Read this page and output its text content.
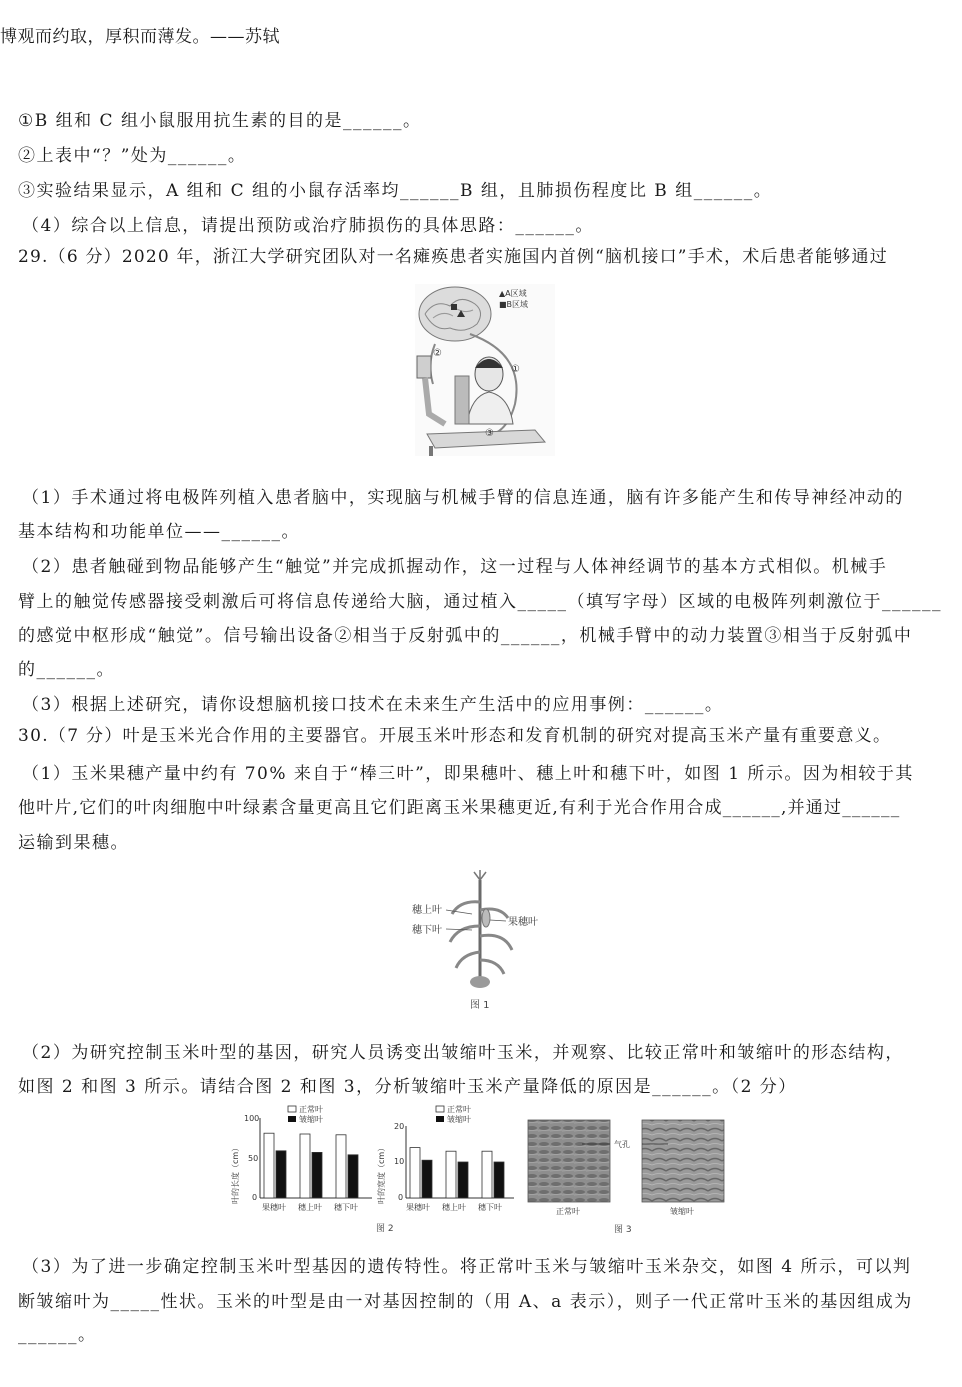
博观而约取，厚积而薄发。——苏轼
①B 组和 C 组小鼠服用抗生素的目的是______。
②上表中“？”处为______。
③实验结果显示，A 组和 C 组的小鼠存活率均______B 组，且肺损伤程度比 B 组______。
（4）综合以上信息，请提出预防或治疗肺损伤的具体思路：______。
29.（6 分）2020 年，浙江大学研究团队对一名瘫痪患者实施国内首例“脑机接口”手术，术后患者能够通过
▲A区域
■B区域
①
②
③
（1）手术通过将电极阵列植入患者脑中，实现脑与机械手臂的信息连通，脑有许多能产生和传导神经冲动的
基本结构和功能单位——______。
（2）患者触碰到物品能够产生“触觉”并完成抓握动作，这一过程与人体神经调节的基本方式相似。机械手
臂上的触觉传感器接受刺激后可将信息传递给大脑，通过植入_____（填写字母）区域的电极阵列刺激位于______
的感觉中枢形成“触觉”。信号输出设备②相当于反射弧中的______，机械手臂中的动力装置③相当于反射弧中
的______。
（3）根据上述研究，请你设想脑机接口技术在未来生产生活中的应用事例：______。
30.（7 分）叶是玉米光合作用的主要器官。开展玉米叶形态和发育机制的研究对提高玉米产量有重要意义。
（1）玉米果穗产量中约有 70% 来自于“棒三叶”，即果穗叶、穗上叶和穗下叶，如图 1 所示。因为相较于其
他叶片,它们的叶肉细胞中叶绿素含量更高且它们距离玉米果穗更近,有利于光合作用合成______,并通过______
运输到果穗。
穗上叶
穗下叶
果穗叶
图 1
（2）为研究控制玉米叶型的基因，研究人员诱变出皱缩叶玉米，并观察、比较正常叶和皱缩叶的形态结构，
如图 2 和图 3 所示。请结合图 2 和图 3，分析皱缩叶玉米产量降低的原因是______。（2 分）
叶的长度（cm）
100
50
0
果穗叶 穗上叶 穗下叶
正常叶
皱缩叶
叶的宽度（cm）
20
10
0
果穗叶 穗上叶 穗下叶
正常叶
皱缩叶
图 2
气孔
正常叶	皱缩叶
图 3
（3）为了进一步确定控制玉米叶型基因的遗传特性。将正常叶玉米与皱缩叶玉米杂交，如图 4 所示，可以判
断皱缩叶为_____性状。玉米的叶型是由一对基因控制的（用 A、a 表示），则子一代正常叶玉米的基因组成为
______。
